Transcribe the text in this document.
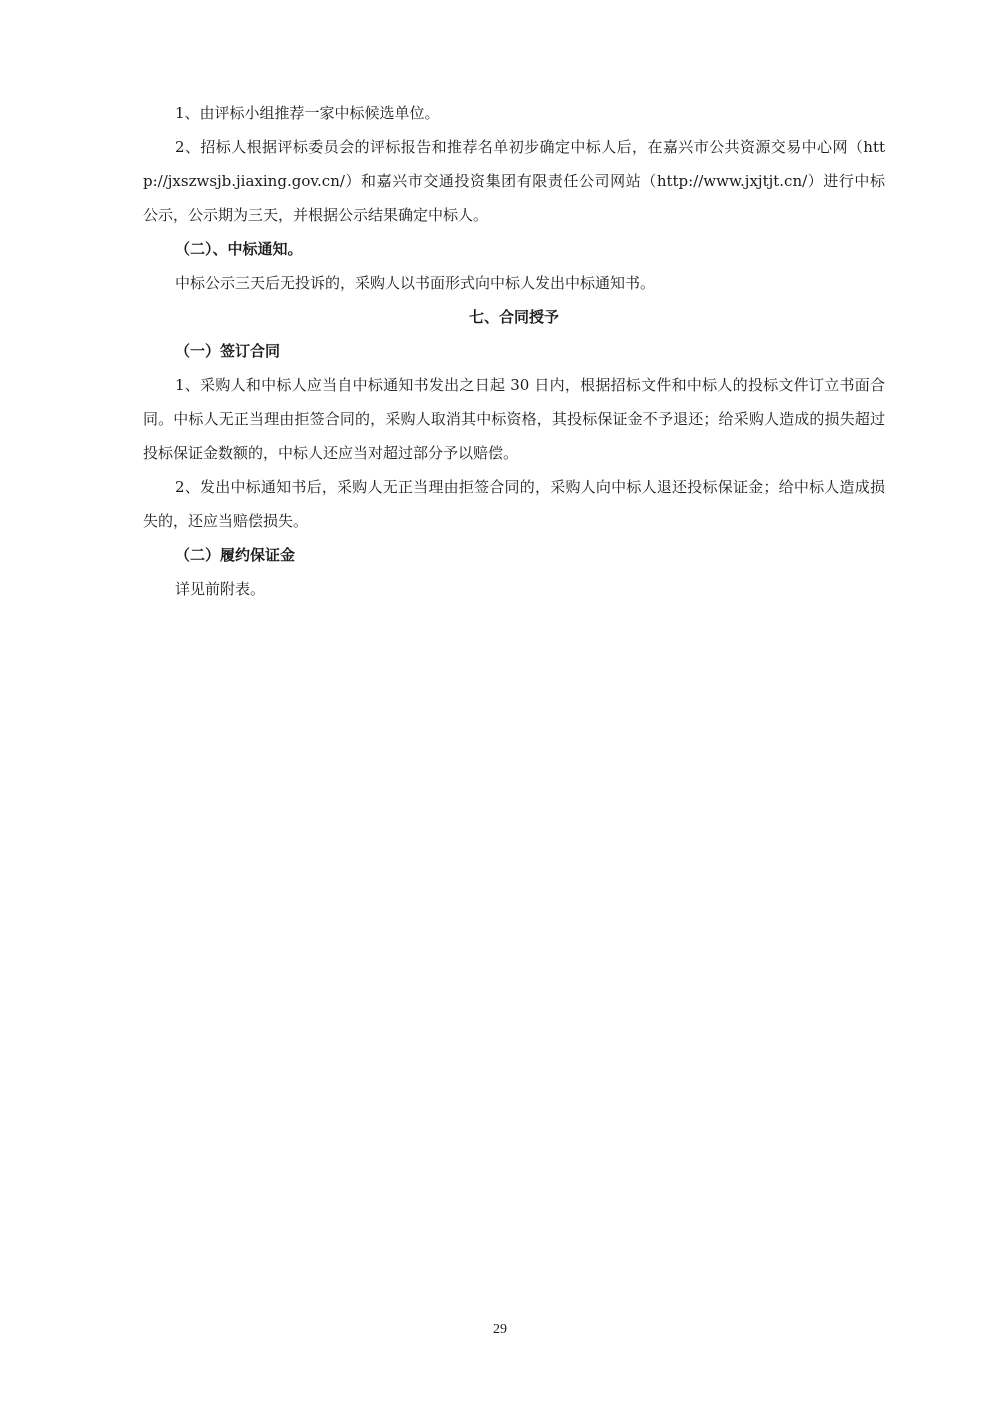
1、由评标小组推荐一家中标候选单位。

2、招标人根据评标委员会的评标报告和推荐名单初步确定中标人后，在嘉兴市公共资源交易中心网（http://jxszwsjb.jiaxing.gov.cn/）和嘉兴市交通投资集团有限责任公司网站（http://www.jxjtjt.cn/）进行中标公示，公示期为三天，并根据公示结果确定中标人。

（二）、中标通知。

中标公示三天后无投诉的，采购人以书面形式向中标人发出中标通知书。

七、合同授予

（一）签订合同

1、采购人和中标人应当自中标通知书发出之日起 30 日内，根据招标文件和中标人的投标文件订立书面合同。中标人无正当理由拒签合同的，采购人取消其中标资格，其投标保证金不予退还；给采购人造成的损失超过投标保证金数额的，中标人还应当对超过部分予以赔偿。

2、发出中标通知书后，采购人无正当理由拒签合同的，采购人向中标人退还投标保证金；给中标人造成损失的，还应当赔偿损失。

（二）履约保证金

详见前附表。

29
